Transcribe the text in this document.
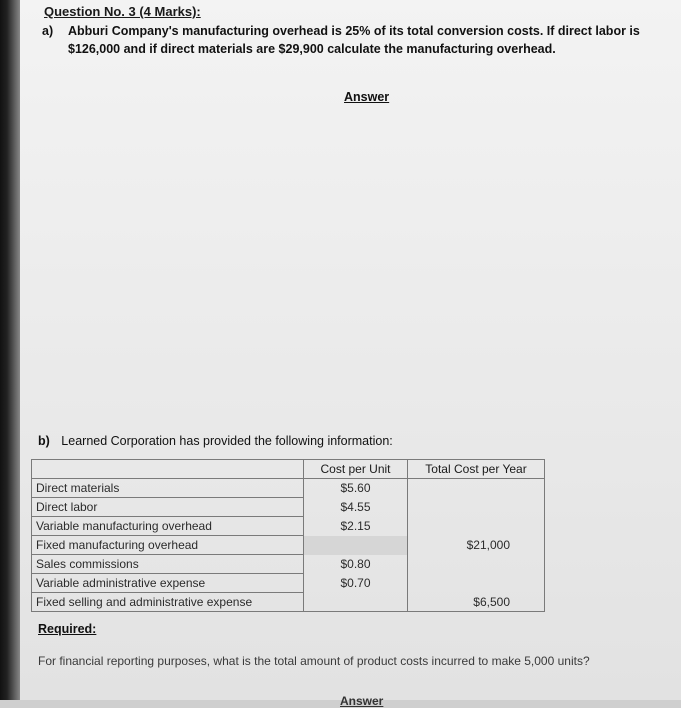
Question No. 3 (4 Marks):
a) Abburi Company's manufacturing overhead is 25% of its total conversion costs. If direct labor is $126,000 and if direct materials are $29,900 calculate the manufacturing overhead.
Answer
b) Learned Corporation has provided the following information:
	Cost per Unit	Total Cost per Year
Direct materials	$5.60	
Direct labor	$4.55	
Variable manufacturing overhead	$2.15	
Fixed manufacturing overhead		$21,000
Sales commissions	$0.80	
Variable administrative expense	$0.70	
Fixed selling and administrative expense		$6,500
Required:
For financial reporting purposes, what is the total amount of product costs incurred to make 5,000 units?
Answer
